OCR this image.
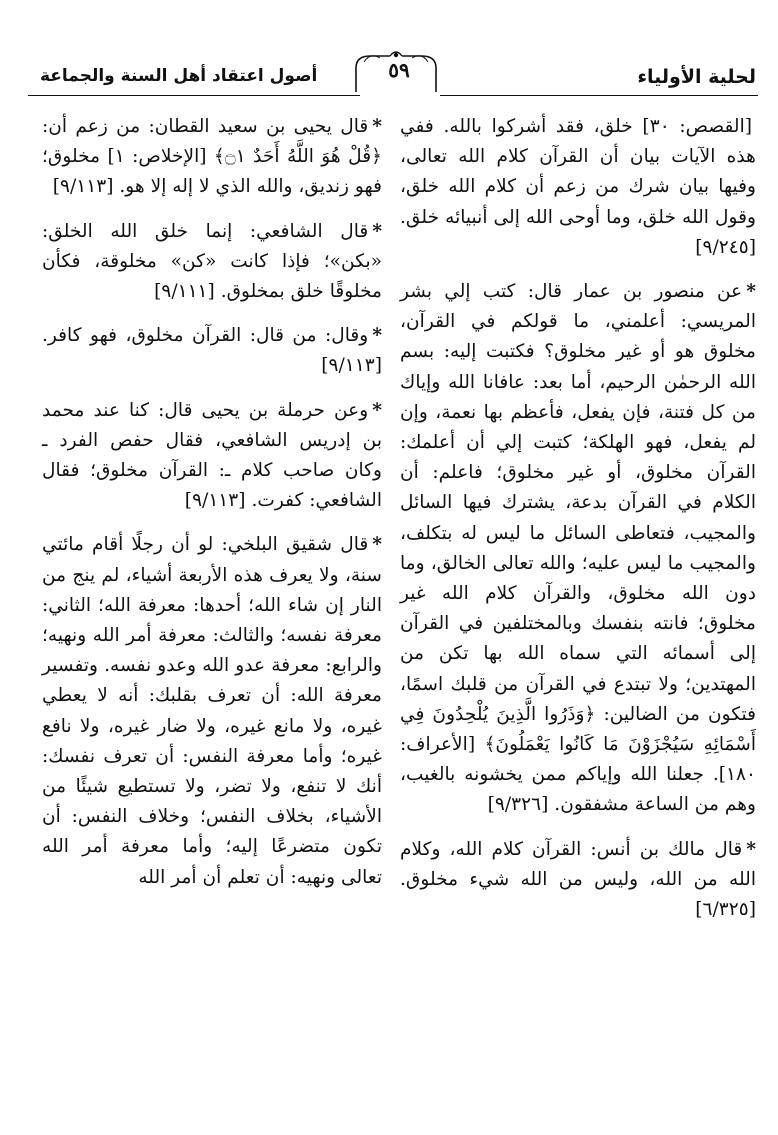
لحلية الأولياء
٥٩
أصول اعتقاد أهل السنة والجماعة

[القصص: ٣٠] خلق، فقد أشركوا بالله. ففي هذه الآيات بيان أن القرآن كلام الله تعالى، وفيها بيان شرك من زعم أن كلام الله خلق، وقول الله خلق، وما أوحى الله إلى أنبيائه خلق. [٩/٢٤٥]

*عن منصور بن عمار قال: كتب إلي بشر المريسي: أعلمني، ما قولكم في القرآن، مخلوق هو أو غير مخلوق؟ فكتبت إليه: بسم الله الرحمٰن الرحيم، أما بعد: عافانا الله وإياك من كل فتنة، فإن يفعل، فأعظم بها نعمة، وإن لم يفعل، فهو الهلكة؛ كتبت إلي أن أعلمك: القرآن مخلوق، أو غير مخلوق؛ فاعلم: أن الكلام في القرآن بدعة، يشترك فيها السائل والمجيب، فتعاطى السائل ما ليس له بتكلف، والمجيب ما ليس عليه؛ والله تعالى الخالق، وما دون الله مخلوق، والقرآن كلام الله غير مخلوق؛ فانته بنفسك وبالمختلفين في القرآن إلى أسمائه التي سماه الله بها تكن من المهتدين؛ ولا تبتدع في القرآن من قلبك اسمًا، فتكون من الضالين: ﴿وَذَرُوا الَّذِينَ يُلْحِدُونَ فِي أَسْمَائِهِ سَيُجْزَوْنَ مَا كَانُوا يَعْمَلُونَ﴾ [الأعراف: ١٨٠]. جعلنا الله وإياكم ممن يخشونه بالغيب، وهم من الساعة مشفقون. [٩/٣٢٦]

*قال مالك بن أنس: القرآن كلام الله، وكلام الله من الله، وليس من الله شيء مخلوق. [٦/٣٢٥]

*قال يحيى بن سعيد القطان: من زعم أن: ﴿قُلْ هُوَ اللَّهُ أَحَدٌ ۝١﴾ [الإخلاص: ١] مخلوق؛ فهو زنديق، والله الذي لا إله إلا هو. [٩/١١٣]

*قال الشافعي: إنما خلق الله الخلق: «بكن»؛ فإذا كانت «كن» مخلوقة، فكأن مخلوقًا خلق بمخلوق. [٩/١١١]

*وقال: من قال: القرآن مخلوق، فهو كافر. [٩/١١٣]

*وعن حرملة بن يحيى قال: كنا عند محمد بن إدريس الشافعي، فقال حفص الفرد ـ وكان صاحب كلام ـ: القرآن مخلوق؛ فقال الشافعي: كفرت. [٩/١١٣]

*قال شقيق البلخي: لو أن رجلًا أقام مائتي سنة، ولا يعرف هذه الأربعة أشياء، لم ينج من النار إن شاء الله؛ أحدها: معرفة الله؛ الثاني: معرفة نفسه؛ والثالث: معرفة أمر الله ونهيه؛ والرابع: معرفة عدو الله وعدو نفسه. وتفسير معرفة الله: أن تعرف بقلبك: أنه لا يعطي غيره، ولا مانع غيره، ولا ضار غيره، ولا نافع غيره؛ وأما معرفة النفس: أن تعرف نفسك: أنك لا تنفع، ولا تضر، ولا تستطيع شيئًا من الأشياء، بخلاف النفس؛ وخلاف النفس: أن تكون متضرعًا إليه؛ وأما معرفة أمر الله تعالى ونهيه: أن تعلم أن أمر الله
